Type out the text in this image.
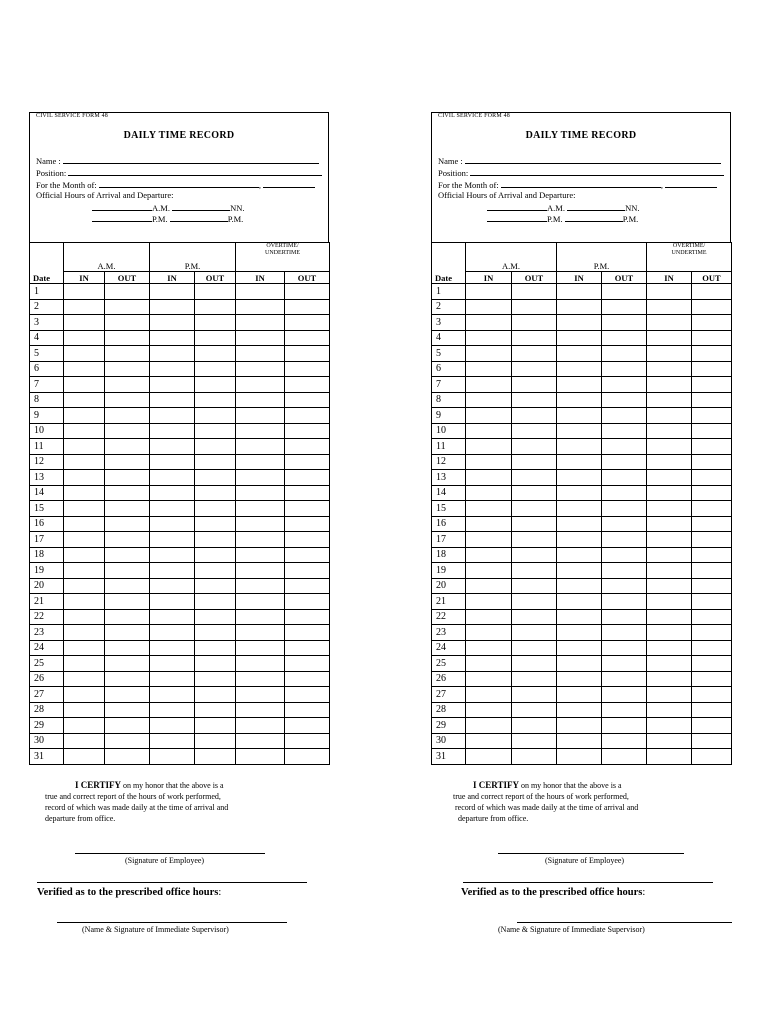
CIVIL SERVICE FORM 48
DAILY TIME RECORD
Name :
Position:
For the Month of:	,
Official Hours of Arrival and Departure:
A.M.	NN.
P.M.	P.M.
Date	A.M.		P.M.		OVERTIME/
UNDERTIME	
	IN	OUT	IN	OUT	IN	OUT
1						
2						
3						
4						
5						
6						
7						
8						
9						
10						
11						
12						
13						
14						
15						
16						
17						
18						
19						
20						
21						
22						
23						
24						
25						
26						
27						
28						
29						
30						
31						
CIVIL SERVICE FORM 48
DAILY TIME RECORD
Name :
Position:
For the Month of:	,
Official Hours of Arrival and Departure:
A.M.	NN.
P.M.	P.M.
Date	A.M.		P.M.		OVERTIME/
UNDERTIME	
	IN	OUT	IN	OUT	IN	OUT
1						
2						
3						
4						
5						
6						
7						
8						
9						
10						
11						
12						
13						
14						
15						
16						
17						
18						
19						
20						
21						
22						
23						
24						
25						
26						
27						
28						
29						
30						
31						
I CERTIFY on my honor that the above is a
true and correct report of the hours of work performed,
record of which was made daily at the time of arrival and
departure from office.
(Signature of Employee)
Verified as to the prescribed office hours:
(Name & Signature of Immediate Supervisor)
I CERTIFY on my honor that the above is a
true and correct report of the hours of work performed,
record of which was made daily at the time of arrival and
departure from office.
(Signature of Employee)
Verified as to the prescribed office hours:
(Name & Signature of Immediate Supervisor)
